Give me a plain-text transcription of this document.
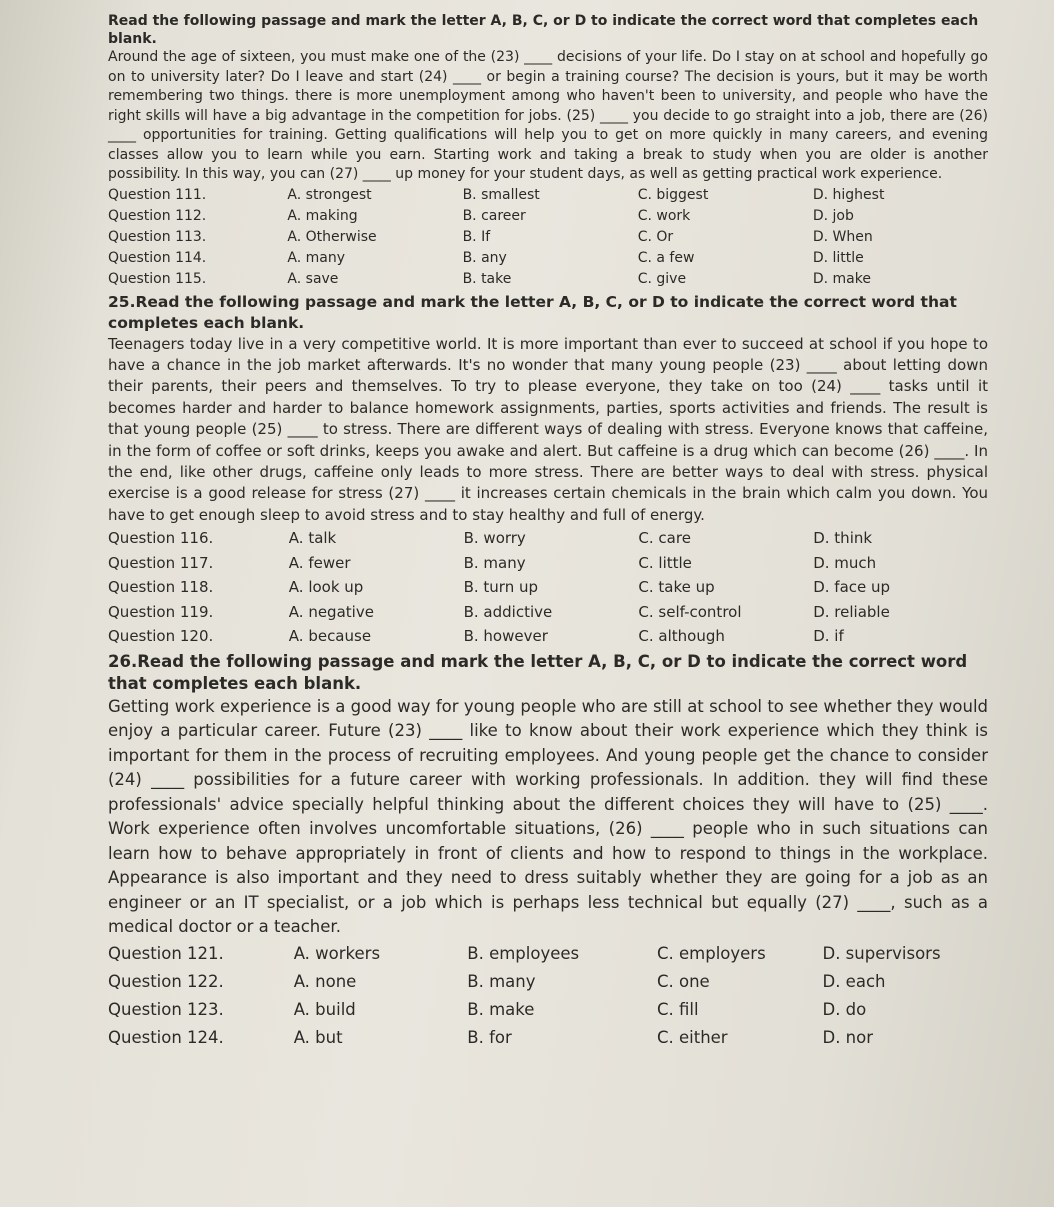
Read the following passage and mark the letter A, B, C, or D to indicate the correct word that completes each blank.
Around the age of sixteen, you must make one of the (23) ____ decisions of your life. Do I stay on at school and hopefully go on to university later? Do I leave and start (24) ____ or begin a training course? The decision is yours, but it may be worth remembering two things. there is more unemployment among who haven't been to university, and people who have the right skills will have a big advantage in the competition for jobs. (25) ____ you decide to go straight into a job, there are (26) ____ opportunities for training. Getting qualifications will help you to get on more quickly in many careers, and evening classes allow you to learn while you earn. Starting work and taking a break to study when you are older is another possibility. In this way, you can (27) ____ up money for your student days, as well as getting practical work experience.
Question 111.	A. strongest	B. smallest	C. biggest	D. highest
Question 112.	A. making	B. career	C. work	D. job
Question 113.	A. Otherwise	B. If	C. Or	D. When
Question 114.	A. many	B. any	C. a few	D. little
Question 115.	A. save	B. take	C. give	D. make
25.Read the following passage and mark the letter A, B, C, or D to indicate the correct word that completes each blank.
Teenagers today live in a very competitive world. It is more important than ever to succeed at school if you hope to have a chance in the job market afterwards. It's no wonder that many young people (23) ____ about letting down their parents, their peers and themselves. To try to please everyone, they take on too (24) ____ tasks until it becomes harder and harder to balance homework assignments, parties, sports activities and friends. The result is that young people (25) ____ to stress. There are different ways of dealing with stress. Everyone knows that caffeine, in the form of coffee or soft drinks, keeps you awake and alert. But caffeine is a drug which can become (26) ____. In the end, like other drugs, caffeine only leads to more stress. There are better ways to deal with stress. physical exercise is a good release for stress (27) ____ it increases certain chemicals in the brain which calm you down. You have to get enough sleep to avoid stress and to stay healthy and full of energy.
Question 116.	A. talk	B. worry	C. care	D. think
Question 117.	A. fewer	B. many	C. little	D. much
Question 118.	A. look up	B. turn up	C. take up	D. face up
Question 119.	A. negative	B. addictive	C. self-control	D. reliable
Question 120.	A. because	B. however	C. although	D. if
26.Read the following passage and mark the letter A, B, C, or D to indicate the correct word that completes each blank.
Getting work experience is a good way for young people who are still at school to see whether they would enjoy a particular career. Future (23) ____ like to know about their work experience which they think is important for them in the process of recruiting employees. And young people get the chance to consider (24) ____ possibilities for a future career with working professionals. In addition. they will find these professionals' advice specially helpful thinking about the different choices they will have to (25) ____. Work experience often involves uncomfortable situations, (26) ____ people who in such situations can learn how to behave appropriately in front of clients and how to respond to things in the workplace. Appearance is also important and they need to dress suitably whether they are going for a job as an engineer or an IT specialist, or a job which is perhaps less technical but equally (27) ____, such as a medical doctor or a teacher.
Question 121.	A. workers	B. employees	C. employers	D. supervisors
Question 122.	A. none	B. many	C. one	D. each
Question 123.	A. build	B. make	C. fill	D. do
Question 124.	A. but	B. for	C. either	D. nor
